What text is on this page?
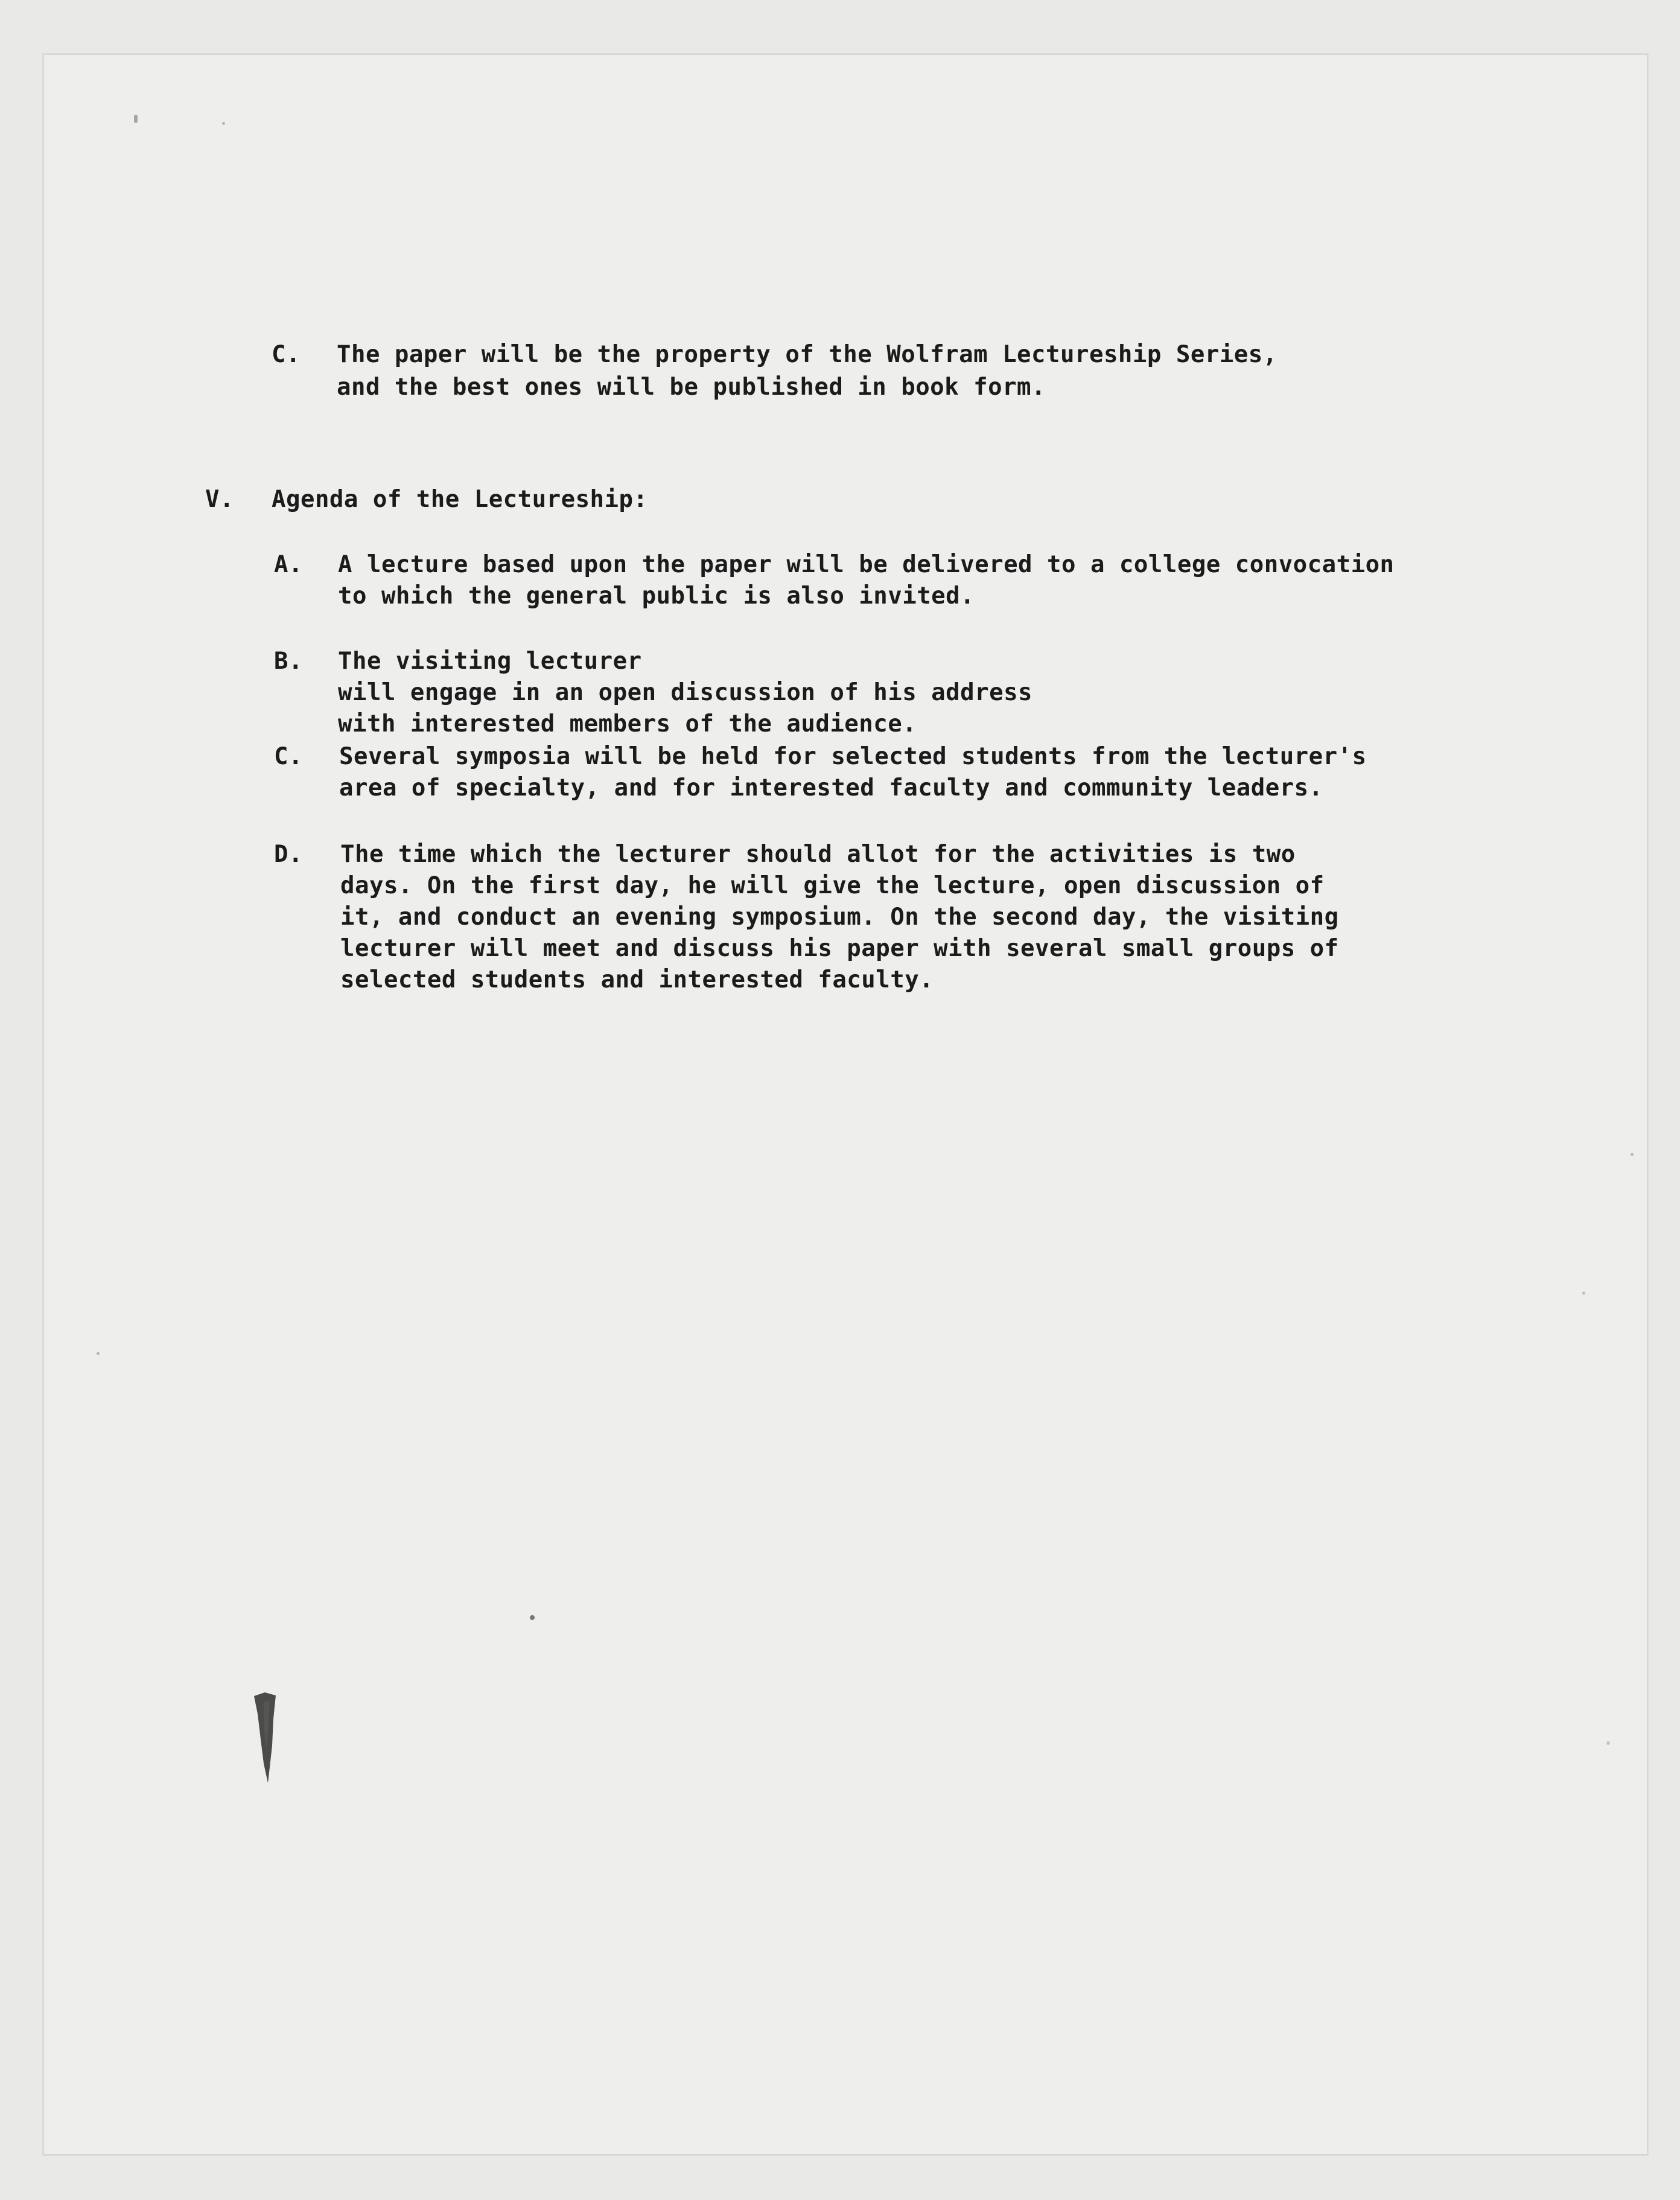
C. The paper will be the property of the Wolfram Lectureship Series,
and the best ones will be published in book form.
V. Agenda of the Lectureship:
A. A lecture based upon the paper will be delivered to a college convocation
to which the general public is also invited.
B. The visiting lecturer
will engage in an open discussion of his address
with interested members of the audience.
C. Several symposia will be held for selected students from the lecturer's
area of specialty, and for interested faculty and community leaders.
D. The time which the lecturer should allot for the activities is two
days. On the first day, he will give the lecture, open discussion of
it, and conduct an evening symposium. On the second day, the visiting
lecturer will meet and discuss his paper with several small groups of
selected students and interested faculty.
